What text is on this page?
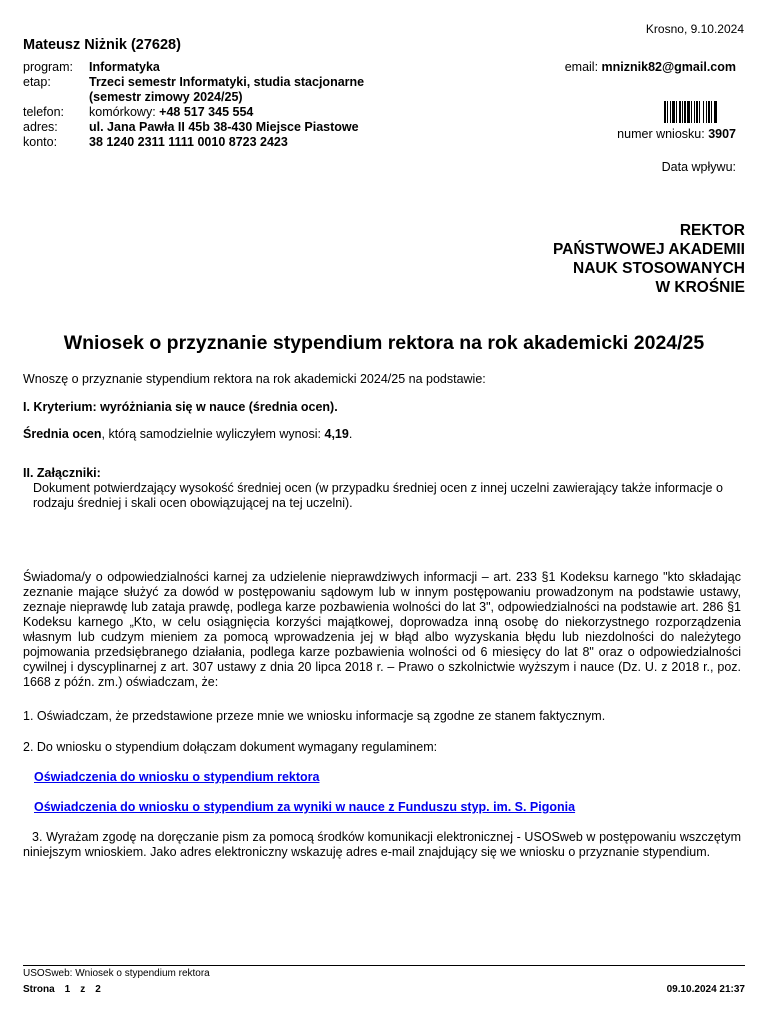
Krosno, 9.10.2024
Mateusz Niżnik (27628)
program:	Informatyka
etap:	Trzeci semestr Informatyki, studia stacjonarne
(semestr zimowy 2024/25)
telefon:	komórkowy: +48 517 345 554
adres:	ul. Jana Pawła II 45b 38-430 Miejsce Piastowe
konto:	38 1240 2311 1111 0010 8723 2423
email: mniznik82@gmail.com
numer wniosku: 3907
Data wpływu:
REKTOR
PAŃSTWOWEJ AKADEMII
NAUK STOSOWANYCH
W KROŚNIE
Wniosek o przyznanie stypendium rektora na rok akademicki 2024/25
Wnoszę o przyznanie stypendium rektora na rok akademicki 2024/25 na podstawie:
I. Kryterium: wyróżniania się w nauce (średnia ocen).
Średnia ocen, którą samodzielnie wyliczyłem wynosi: 4,19.
II. Załączniki:
Dokument potwierdzający wysokość średniej ocen (w przypadku średniej ocen z innej uczelni zawierający także informacje o rodzaju średniej i skali ocen obowiązującej na tej uczelni).
Świadoma/y o odpowiedzialności karnej za udzielenie nieprawdziwych informacji – art. 233 §1 Kodeksu karnego "kto składając zeznanie mające służyć za dowód w postępowaniu sądowym lub w innym postępowaniu prowadzonym na podstawie ustawy, zeznaje nieprawdę lub zataja prawdę, podlega karze pozbawienia wolności do lat 3", odpowiedzialności na podstawie art. 286 §1 Kodeksu karnego „Kto, w celu osiągnięcia korzyści majątkowej, doprowadza inną osobę do niekorzystnego rozporządzenia własnym lub cudzym mieniem za pomocą wprowadzenia jej w błąd albo wyzyskania błędu lub niezdolności do należytego pojmowania przedsiębranego działania, podlega karze pozbawienia wolności od 6 miesięcy do lat 8" oraz o odpowiedzialności cywilnej i dyscyplinarnej z art. 307 ustawy z dnia 20 lipca 2018 r. – Prawo o szkolnictwie wyższym i nauce (Dz. U. z 2018 r., poz. 1668 z późn. zm.) oświadczam, że:
1. Oświadczam, że przedstawione przeze mnie we wniosku informacje są zgodne ze stanem faktycznym.
2. Do wniosku o stypendium dołączam dokument wymagany regulaminem:
Oświadczenia do wniosku o stypendium rektora
Oświadczenia do wniosku o stypendium za wyniki w nauce z Funduszu styp. im. S. Pigonia
3. Wyrażam zgodę na doręczanie pism za pomocą środków komunikacji elektronicznej - USOSweb w postępowaniu wszczętym niniejszym wnioskiem. Jako adres elektroniczny wskazuję adres e-mail znajdujący się we wniosku o przyznanie stypendium.
USOSweb: Wniosek o stypendium rektora
Strona 1 z 2	09.10.2024 21:37
